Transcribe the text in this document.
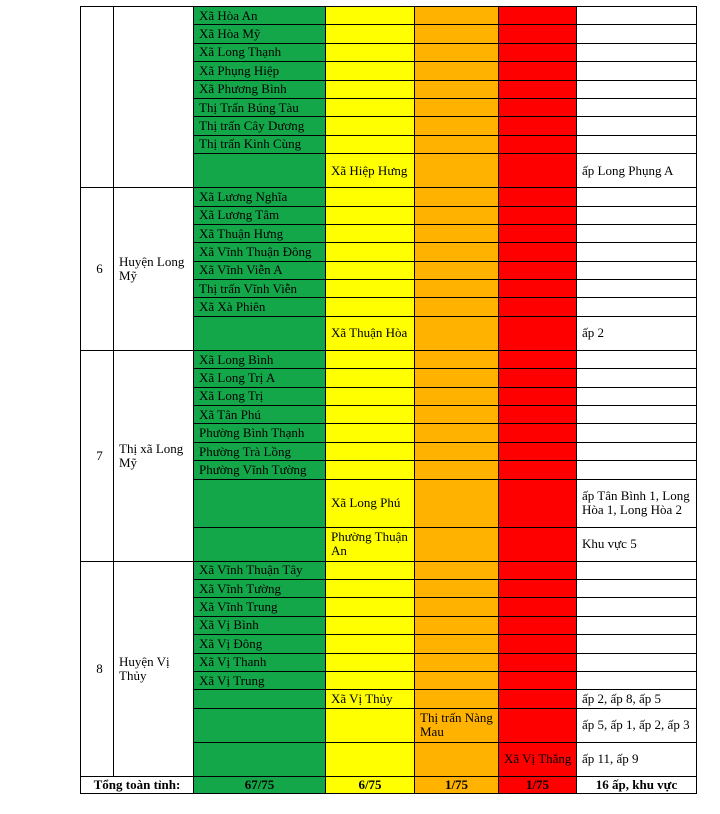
		Xã Hòa An				
		Xã Hòa Mỹ				
		Xã Long Thạnh				
		Xã Phụng Hiệp				
		Xã Phương Bình				
		Thị Trấn Búng Tàu				
		Thị trấn Cây Dương				
		Thị trấn Kinh Cùng				
			Xã Hiệp Hưng			ấp Long Phụng A
6	Huyện Long Mỹ	Xã Lương Nghĩa				
		Xã Lương Tâm				
		Xã Thuận Hưng				
		Xã Vĩnh Thuận Đông				
		Xã Vĩnh Viễn A				
		Thị trấn Vĩnh Viễn				
		Xã Xà Phiên				
			Xã Thuận Hòa			ấp 2
7	Thị xã Long Mỹ	Xã Long Bình				
		Xã Long Trị A				
		Xã Long Trị				
		Xã Tân Phú				
		Phường Bình Thạnh				
		Phường Trà Lồng				
		Phường Vĩnh Tường				
			Xã Long Phú			ấp Tân Bình 1, Long Hòa 1, Long Hòa 2
			Phường Thuận An			Khu vực 5
8	Huyện Vị Thủy	Xã Vĩnh Thuận Tây				
		Xã Vĩnh Tường				
		Xã Vĩnh Trung				
		Xã Vị Bình				
		Xã Vị Đông				
		Xã Vị Thanh				
		Xã Vị Trung				
			Xã Vị Thủy			ấp 2, ấp 8, ấp 5
				Thị trấn Nàng Mau		ấp 5, ấp 1, ấp 2, ấp 3
					Xã Vị Thắng	ấp 11, ấp 9
Tổng toàn tỉnh:		67/75	6/75	1/75	1/75	16 ấp, khu vực
